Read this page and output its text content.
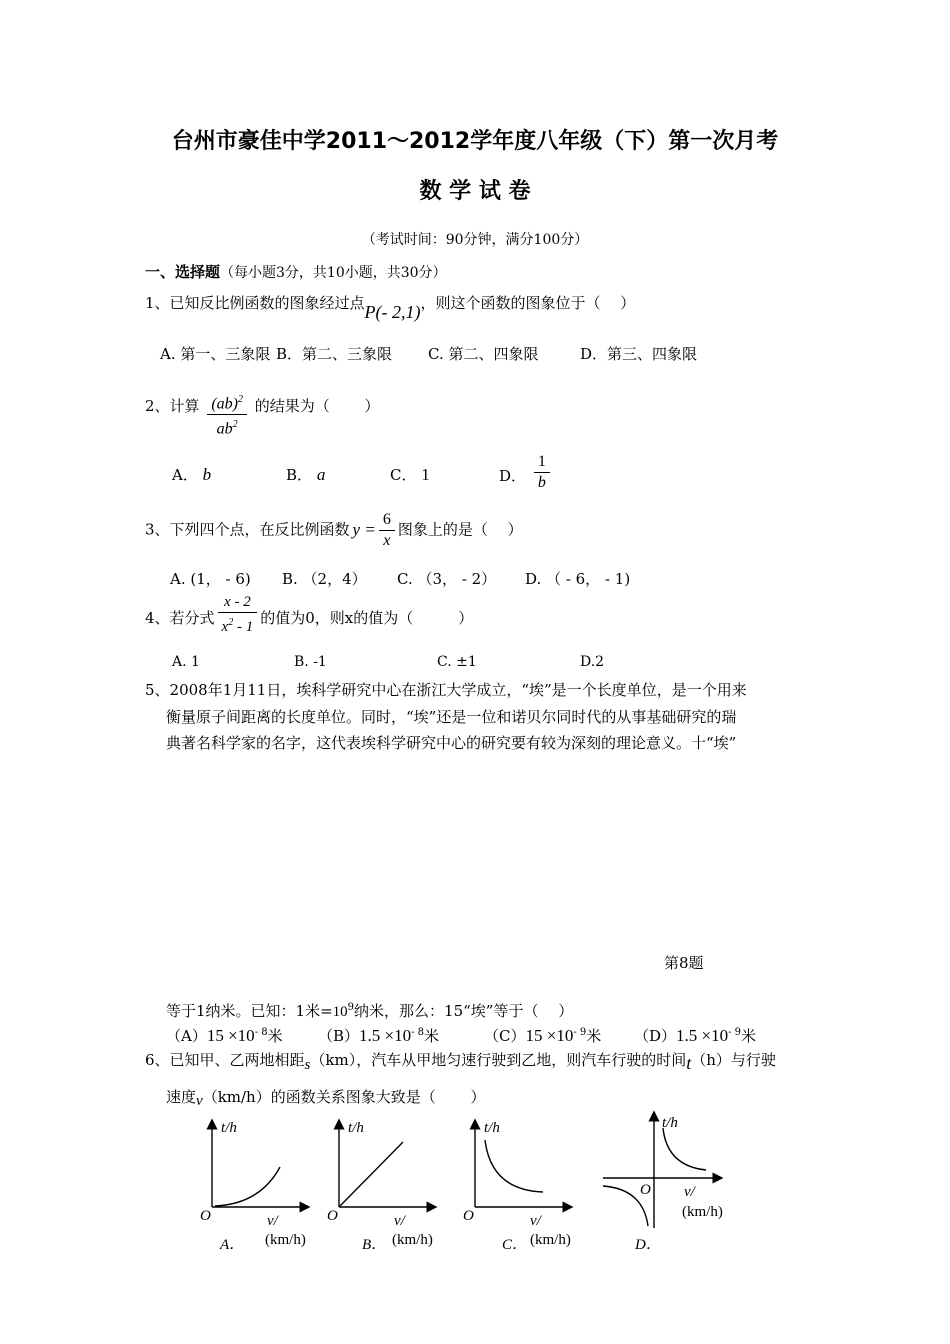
台州市豪佳中学2011～2012学年度八年级（下）第一次月考
数 学 试 卷
（考试时间：90分钟，满分100分）
一、选择题（每小题3分，共10小题，共30分）
1、已知反比例函数的图象经过点P(- 2,1)，则这个函数的图象位于（　 ）
A. 第一、三象限 B．第二、三象限 C. 第二、四象限	D．第三、四象限
2、计算 $\frac{(ab)^2}{ab^2}$ 的结果为（　　 ）
A． b	B． a	C． 1	D． $\frac{1}{b}$
3、下列四个点，在反比例函数 $y = \frac{6}{x}$ 图象上的是（　 ）
A. (1， - 6) B. （2，4） C. （3， - 2） D. （ - 6， - 1)
4、若分式 $\frac{x - 2}{x^2 - 1}$ 的值为0，则x的值为（　　　）
A. 1	B. -1	C. ±1	D.2
5、2008年1月11日，埃科学研究中心在浙江大学成立，“埃”是一个长度单位，是一个用来
衡量原子间距离的长度单位。同时，“埃”还是一位和诺贝尔同时代的从事基础研究的瑞
典著名科学家的名字，这代表埃科学研究中心的研究要有较为深刻的理论意义。十“埃”
第8题
等于1纳米。已知：1米$=10^9$纳米，那么：15“埃”等于（　 ）
$(A)15 \times 10^{- 8}$米 $(B)1.5 \times 10^{- 8}$米	$(C)15 \times 10^{- 9}$米 $(D)1.5 \times 10^{- 9}$米
6、已知甲、乙两地相距s（km），汽车从甲地匀速行驶到乙地，则汽车行驶的时间t（h）与行驶
速度v（km/h）的函数关系图象大致是（　　 ）
t/h
O	v/
(km/h)
A．
t/h
O	v/
(km/h)
B．
t/h
O	v/
(km/h)
C．
t/h
O v/
(km/h)
D．
